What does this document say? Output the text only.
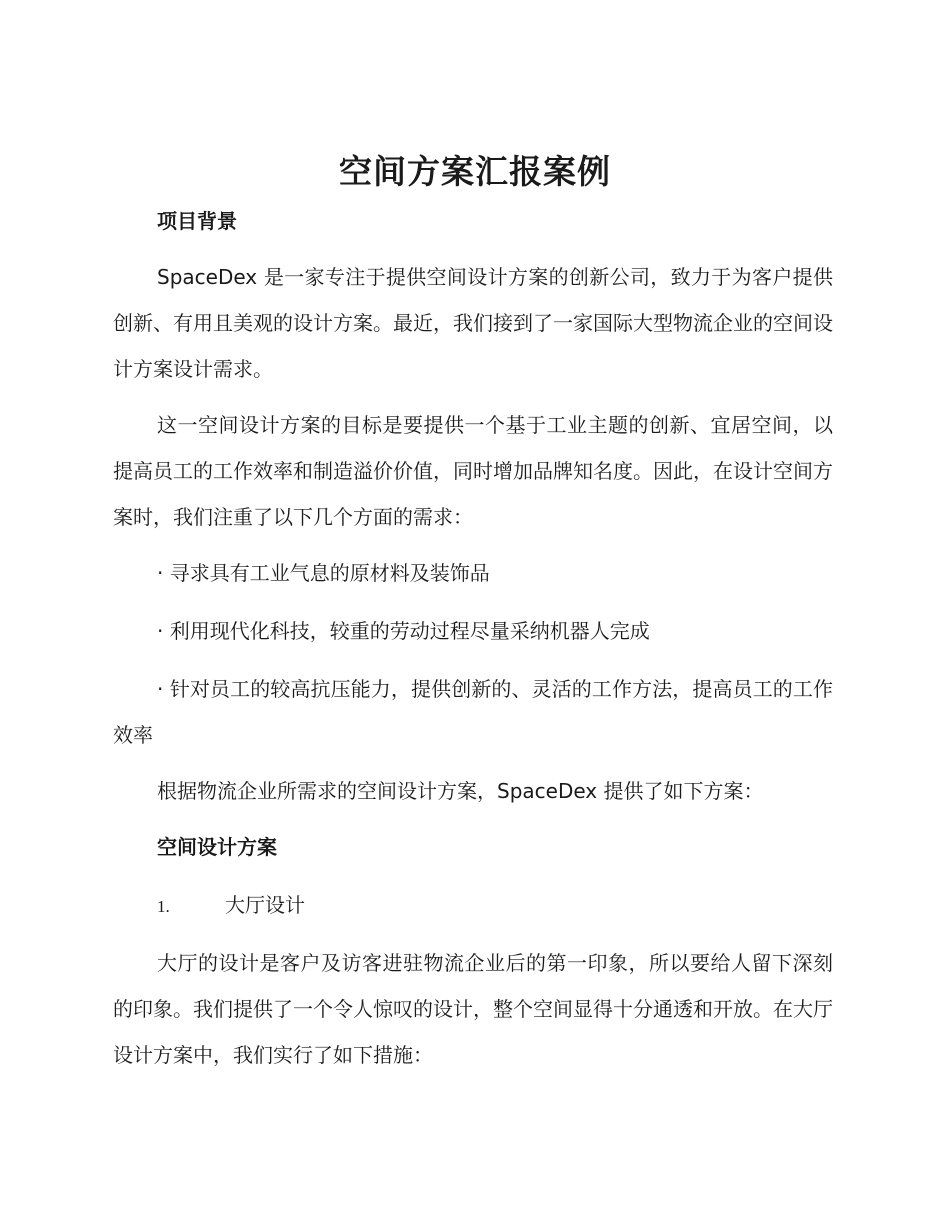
空间方案汇报案例
项目背景
SpaceDex 是一家专注于提供空间设计方案的创新公司，致力于为客户提供创新、有用且美观的设计方案。最近，我们接到了一家国际大型物流企业的空间设计方案设计需求。
这一空间设计方案的目标是要提供一个基于工业主题的创新、宜居空间，以提高员工的工作效率和制造溢价价值，同时增加品牌知名度。因此，在设计空间方案时，我们注重了以下几个方面的需求：
· 寻求具有工业气息的原材料及装饰品
· 利用现代化科技，较重的劳动过程尽量采纳机器人完成
· 针对员工的较高抗压能力，提供创新的、灵活的工作方法，提高员工的工作效率
根据物流企业所需求的空间设计方案，SpaceDex 提供了如下方案：
空间设计方案
1.	大厅设计
大厅的设计是客户及访客进驻物流企业后的第一印象，所以要给人留下深刻的印象。我们提供了一个令人惊叹的设计，整个空间显得十分通透和开放。在大厅设计方案中，我们实行了如下措施：
